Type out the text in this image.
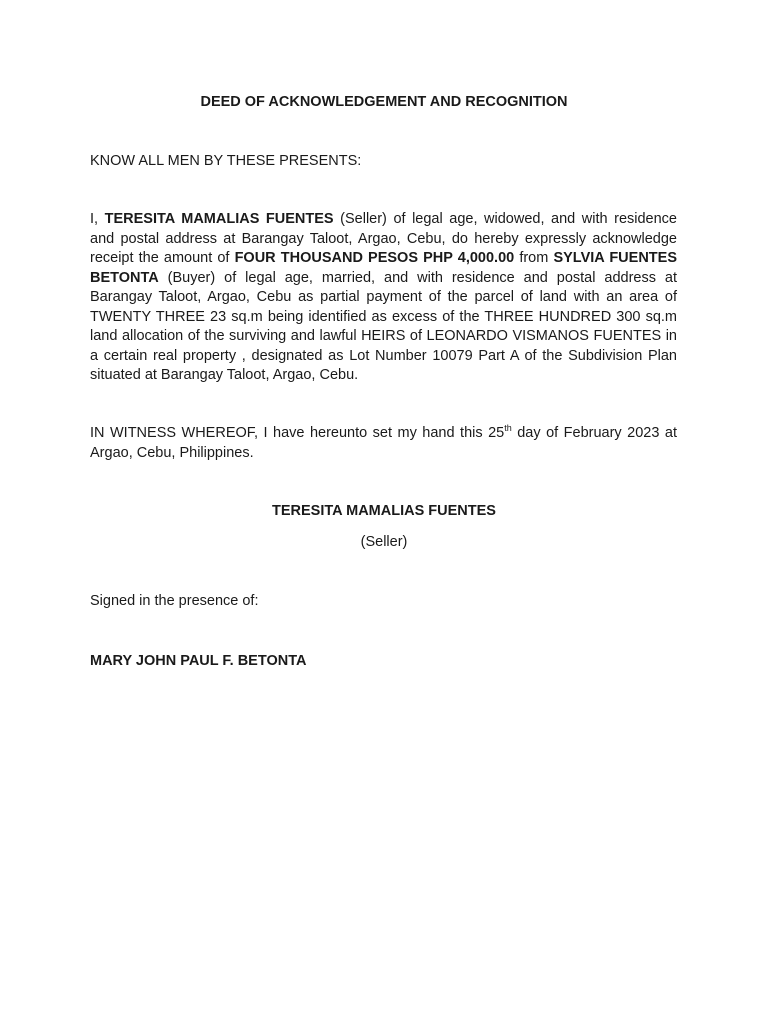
DEED OF ACKNOWLEDGEMENT AND RECOGNITION
KNOW ALL MEN BY THESE PRESENTS:
I, TERESITA MAMALIAS FUENTES (Seller) of legal age, widowed, and with residence and postal address at Barangay Taloot, Argao, Cebu, do hereby expressly acknowledge receipt the amount of FOUR THOUSAND PESOS PHP 4,000.00 from SYLVIA FUENTES BETONTA (Buyer) of legal age, married, and with residence and postal address at Barangay Taloot, Argao, Cebu as partial payment of the parcel of land with an area of TWENTY THREE 23 sq.m being identified as excess of the THREE HUNDRED 300 sq.m land allocation of the surviving and lawful HEIRS of LEONARDO VISMANOS FUENTES in a certain real property , designated as Lot Number 10079 Part A of the Subdivision Plan situated at Barangay Taloot, Argao, Cebu.
IN WITNESS WHEREOF, I have hereunto set my hand this 25th day of February 2023 at Argao, Cebu, Philippines.
TERESITA MAMALIAS FUENTES
(Seller)
Signed in the presence of:
MARY JOHN PAUL F. BETONTA
